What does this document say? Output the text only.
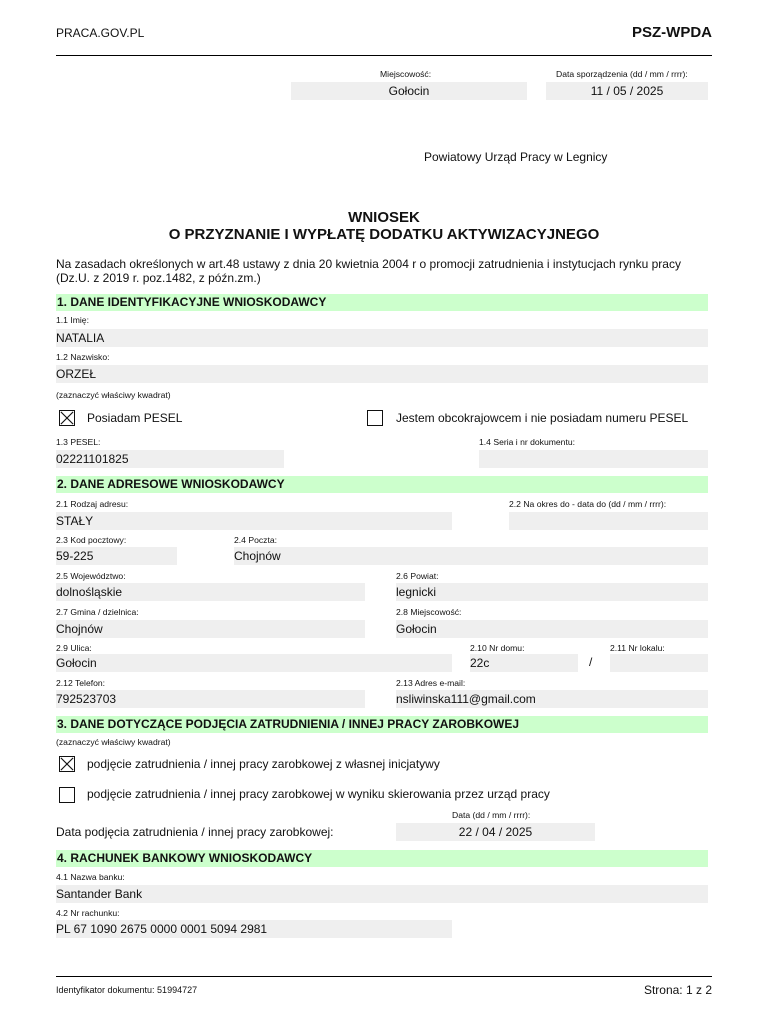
PRACA.GOV.PL	PSZ-WPDA
Miejscowość:
Gołocin
Data sporządzenia (dd / mm / rrrr):
11 / 05 / 2025
Powiatowy Urząd Pracy w Legnicy
WNIOSEK
O PRZYZNANIE I WYPŁATĘ DODATKU AKTYWIZACYJNEGO
Na zasadach określonych w art.48 ustawy z dnia 20 kwietnia 2004 r o promocji zatrudnienia i instytucjach rynku pracy (Dz.U. z 2019 r. poz.1482, z późn.zm.)
1. DANE IDENTYFIKACYJNE WNIOSKODAWCY
1.1 Imię:
NATALIA
1.2 Nazwisko:
ORZEŁ
(zaznaczyć właściwy kwadrat)
Posiadam PESEL	Jestem obcokrajowcem i nie posiadam numeru PESEL
1.3 PESEL:
02221101825
1.4 Seria i nr dokumentu:
2. DANE ADRESOWE WNIOSKODAWCY
2.1 Rodzaj adresu:
STAŁY
2.2 Na okres do - data do (dd / mm / rrrr):
2.3 Kod pocztowy:
59-225
2.4 Poczta:
Chojnów
2.5 Województwo:
dolnośląskie
2.6 Powiat:
legnicki
2.7 Gmina / dzielnica:
Chojnów
2.8 Miejscowość:
Gołocin
2.9 Ulica:
Gołocin
2.10 Nr domu:
22c	/
2.11 Nr lokalu:
2.12 Telefon:
792523703
2.13 Adres e-mail:
nsliwinska111@gmail.com
3. DANE DOTYCZĄCE PODJĘCIA ZATRUDNIENIA / INNEJ PRACY ZAROBKOWEJ
(zaznaczyć właściwy kwadrat)
podjęcie zatrudnienia / innej pracy zarobkowej z własnej inicjatywy
podjęcie zatrudnienia / innej pracy zarobkowej w wyniku skierowania przez urząd pracy
Data (dd / mm / rrrr):
Data podjęcia zatrudnienia / innej pracy zarobkowej:	22 / 04 / 2025
4. RACHUNEK BANKOWY WNIOSKODAWCY
4.1 Nazwa banku:
Santander Bank
4.2 Nr rachunku:
PL 67 1090 2675 0000 0001 5094 2981
Identyfikator dokumentu: 51994727	Strona: 1 z 2
